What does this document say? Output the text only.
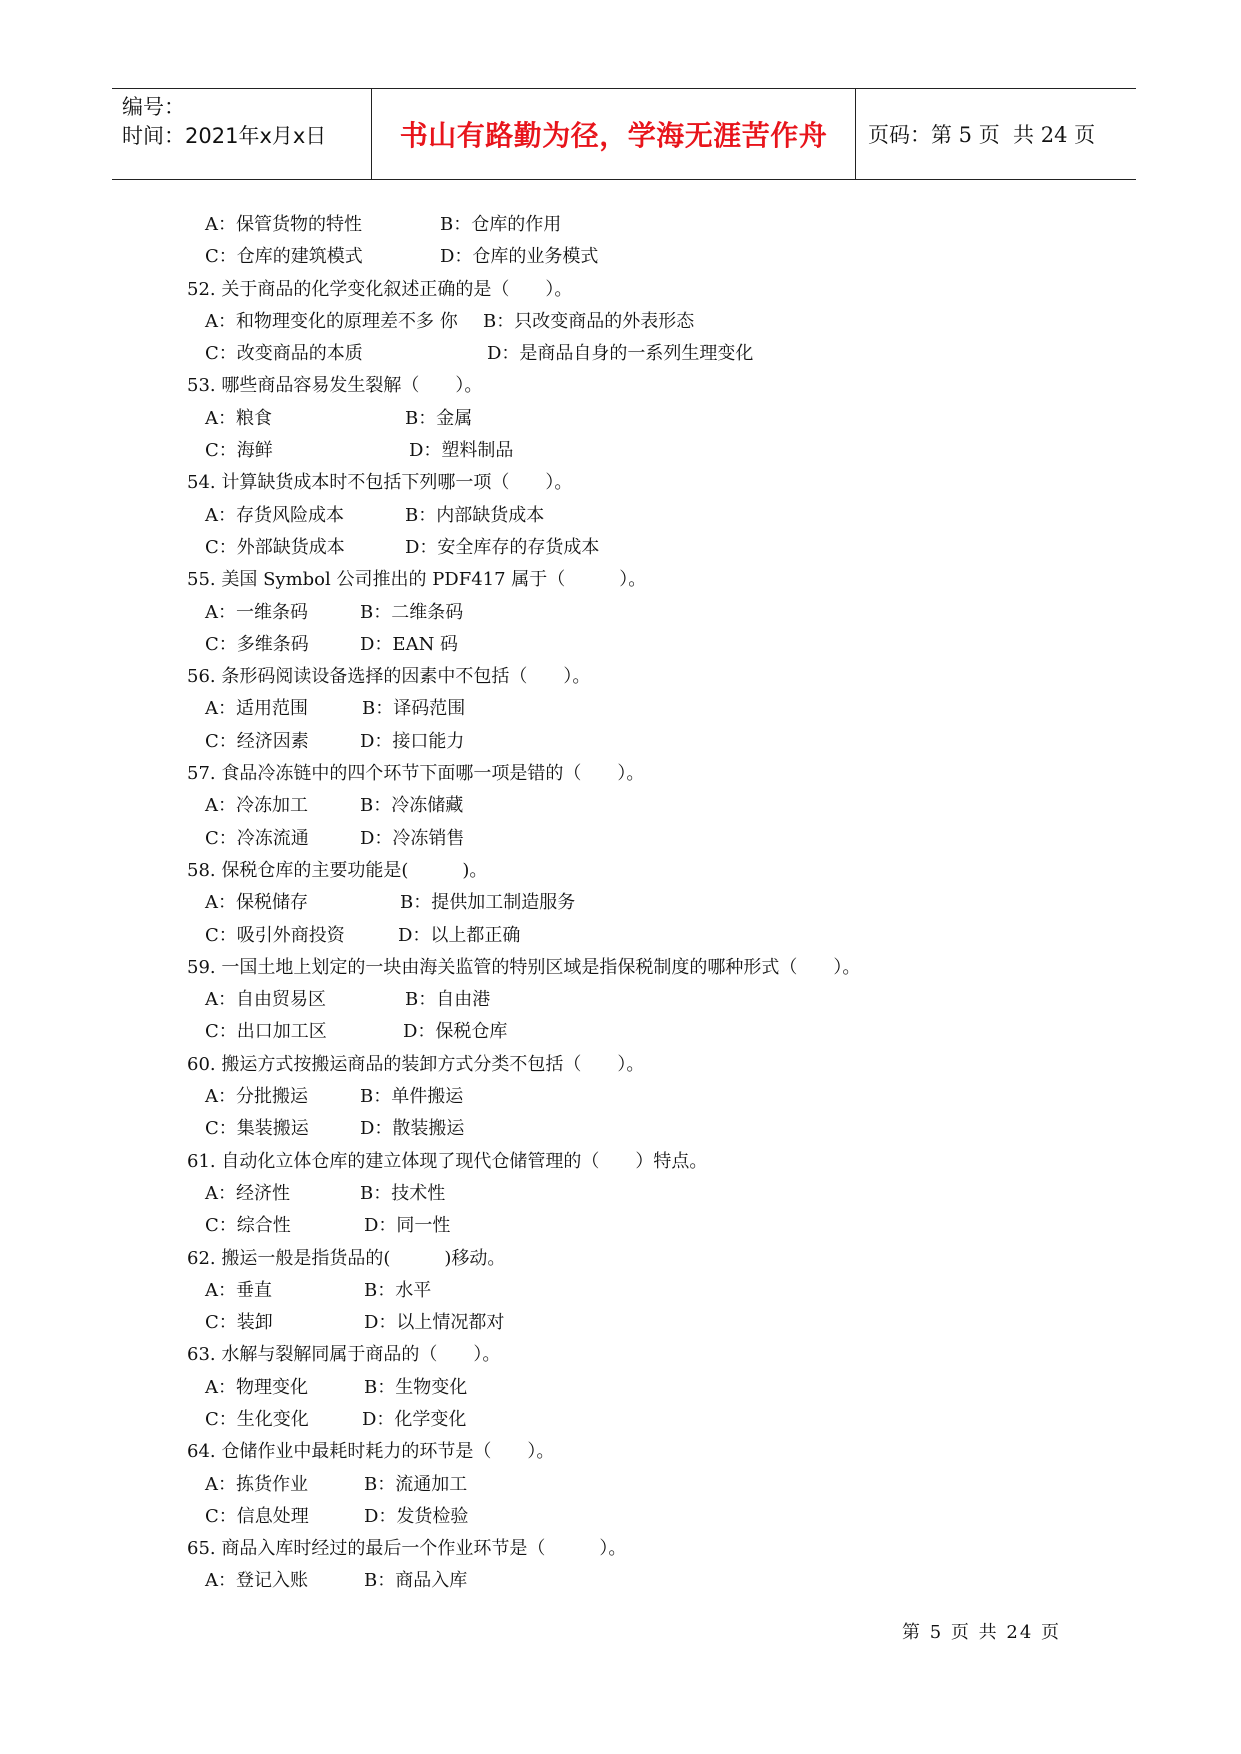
编号：
时间：2021年x月x日	书山有路勤为径，学海无涯苦作舟	页码：第 5 页  共 24 页
A：保管货物的特性	B：仓库的作用
C：仓库的建筑模式	D：仓库的业务模式
52. 关于商品的化学变化叙述正确的是（　　）。
A：和物理变化的原理差不多 你 B：只改变商品的外表形态
C：改变商品的本质	D：是商品自身的一系列生理变化
53. 哪些商品容易发生裂解（　　）。
A：粮食	B：金属
C：海鲜	D：塑料制品
54. 计算缺货成本时不包括下列哪一项（　　）。
A：存货风险成本	B：内部缺货成本
C：外部缺货成本	D：安全库存的存货成本
55. 美国 Symbol 公司推出的 PDF417 属于（　　　）。
A：一维条码	B：二维条码
C：多维条码	D：EAN 码
56. 条形码阅读设备选择的因素中不包括（　　）。
A：适用范围	B：译码范围
C：经济因素	D：接口能力
57. 食品冷冻链中的四个环节下面哪一项是错的（　　）。
A：冷冻加工	B：冷冻储藏
C：冷冻流通	D：冷冻销售
58. 保税仓库的主要功能是(　　　)。
A：保税储存	B：提供加工制造服务
C：吸引外商投资	D：以上都正确
59. 一国土地上划定的一块由海关监管的特别区域是指保税制度的哪种形式（　　）。
A：自由贸易区	B：自由港
C：出口加工区	D：保税仓库
60. 搬运方式按搬运商品的装卸方式分类不包括（　　）。
A：分批搬运	B：单件搬运
C：集装搬运	D：散装搬运
61. 自动化立体仓库的建立体现了现代仓储管理的（　　）特点。
A：经济性	B：技术性
C：综合性	D：同一性
62. 搬运一般是指货品的(　　　)移动。
A：垂直	B：水平
C：装卸	D：以上情况都对
63. 水解与裂解同属于商品的（　　）。
A：物理变化	B：生物变化
C：生化变化	D：化学变化
64. 仓储作业中最耗时耗力的环节是（　　）。
A：拣货作业	B：流通加工
C：信息处理	D：发货检验
65. 商品入库时经过的最后一个作业环节是（　　　）。
A：登记入账	B：商品入库
第 5 页 共 24 页
